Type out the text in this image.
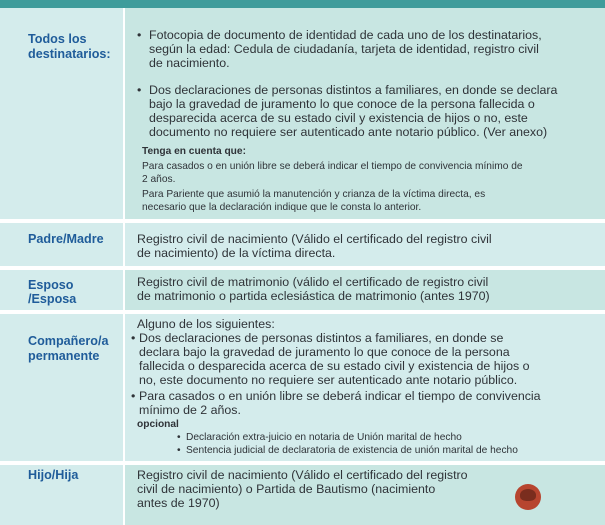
Todos los
destinatarios:
• Fotocopia de documento de identidad de cada uno de los destinatarios,
según la edad: Cedula de ciudadanía, tarjeta de identidad, registro civil
de nacimiento.
• Dos declaraciones de personas distintos a familiares, en donde se declara
bajo la gravedad de juramento lo que conoce de la persona fallecida o
desparecida acerca de su estado civil y existencia de hijos o no, este
documento no requiere ser autenticado ante notario público. (Ver anexo)
Tenga en cuenta que:
Para casados o en unión libre se deberá indicar el tiempo de convivencia mínimo de
2 años.
Para Pariente que asumió la manutención y crianza de la víctima directa, es
necesario que la declaración indique que le consta lo anterior.
Padre/Madre	Registro civil de nacimiento (Válido el certificado del registro civil
de nacimiento) de la víctima directa.
Esposo
/Esposa
Registro civil de matrimonio (válido el certificado de registro civil
de matrimonio o partida eclesiástica de matrimonio (antes 1970)
Compañero/a
permanente
Alguno de los siguientes:
• Dos declaraciones de personas distintos a familiares, en donde se
declara bajo la gravedad de juramento lo que conoce de la persona
fallecida o desparecida acerca de su estado civil y existencia de hijos o
no, este documento no requiere ser autenticado ante notario público.
• Para casados o en unión libre se deberá indicar el tiempo de convivencia
mínimo de 2 años.
opcional
• Declaración extra-juicio en notaria de Unión marital de hecho
• Sentencia judicial de declaratoria de existencia de unión marital de hecho
Hijo/Hija	Registro civil de nacimiento (Válido el certificado del registro
civil de nacimiento) o Partida de Bautismo (nacimiento
antes de 1970)
